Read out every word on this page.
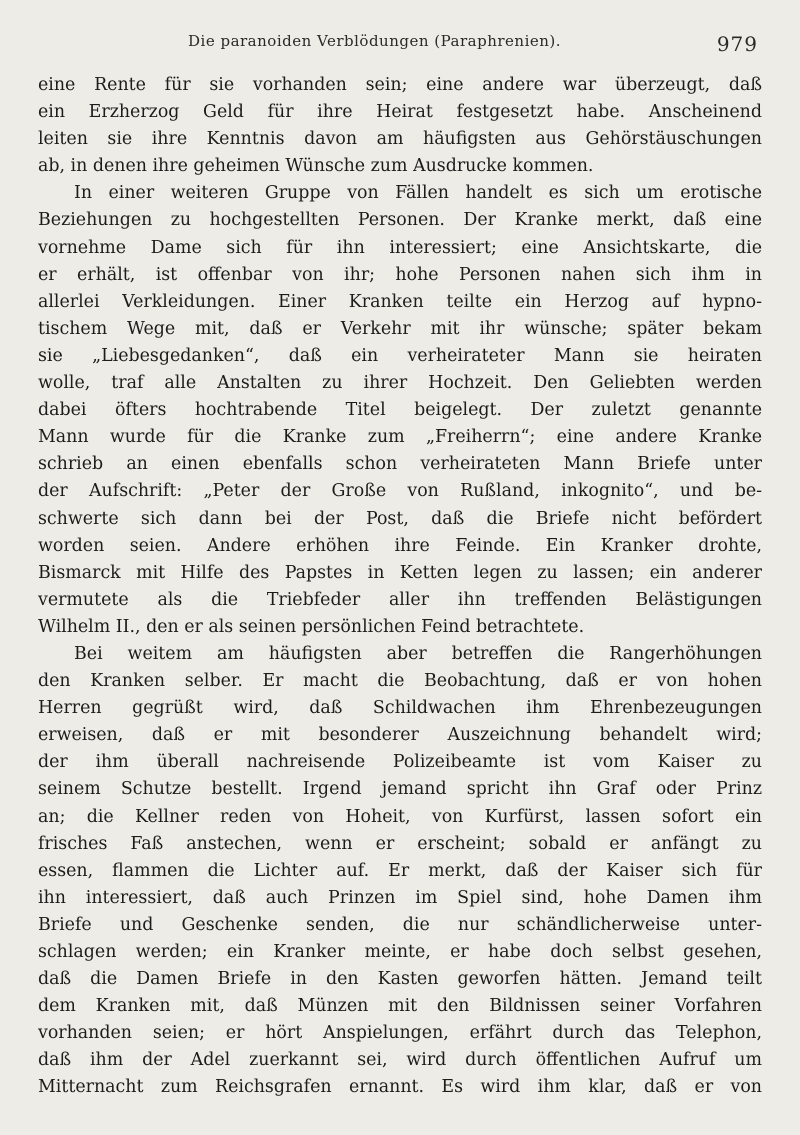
Die paranoiden Verblödungen (Paraphrenien).	979
eine Rente für sie vorhanden sein; eine andere war überzeugt, daß
ein Erzherzog Geld für ihre Heirat festgesetzt habe. Anscheinend
leiten sie ihre Kenntnis davon am häufigsten aus Gehörstäuschungen
ab, in denen ihre geheimen Wünsche zum Ausdrucke kommen.
In einer weiteren Gruppe von Fällen handelt es sich um erotische
Beziehungen zu hochgestellten Personen. Der Kranke merkt, daß eine
vornehme Dame sich für ihn interessiert; eine Ansichtskarte, die
er erhält, ist offenbar von ihr; hohe Personen nahen sich ihm in
allerlei Verkleidungen. Einer Kranken teilte ein Herzog auf hypno-
tischem Wege mit, daß er Verkehr mit ihr wünsche; später bekam
sie „Liebesgedanken“, daß ein verheirateter Mann sie heiraten
wolle, traf alle Anstalten zu ihrer Hochzeit. Den Geliebten werden
dabei öfters hochtrabende Titel beigelegt. Der zuletzt genannte
Mann wurde für die Kranke zum „Freiherrn“; eine andere Kranke
schrieb an einen ebenfalls schon verheirateten Mann Briefe unter
der Aufschrift: „Peter der Große von Rußland, inkognito“, und be-
schwerte sich dann bei der Post, daß die Briefe nicht befördert
worden seien. Andere erhöhen ihre Feinde. Ein Kranker drohte,
Bismarck mit Hilfe des Papstes in Ketten legen zu lassen; ein anderer
vermutete als die Triebfeder aller ihn treffenden Belästigungen
Wilhelm II., den er als seinen persönlichen Feind betrachtete.
Bei weitem am häufigsten aber betreffen die Rangerhöhungen
den Kranken selber. Er macht die Beobachtung, daß er von hohen
Herren gegrüßt wird, daß Schildwachen ihm Ehrenbezeugungen
erweisen, daß er mit besonderer Auszeichnung behandelt wird;
der ihm überall nachreisende Polizeibeamte ist vom Kaiser zu
seinem Schutze bestellt. Irgend jemand spricht ihn Graf oder Prinz
an; die Kellner reden von Hoheit, von Kurfürst, lassen sofort ein
frisches Faß anstechen, wenn er erscheint; sobald er anfängt zu
essen, flammen die Lichter auf. Er merkt, daß der Kaiser sich für
ihn interessiert, daß auch Prinzen im Spiel sind, hohe Damen ihm
Briefe und Geschenke senden, die nur schändlicherweise unter-
schlagen werden; ein Kranker meinte, er habe doch selbst gesehen,
daß die Damen Briefe in den Kasten geworfen hätten. Jemand teilt
dem Kranken mit, daß Münzen mit den Bildnissen seiner Vorfahren
vorhanden seien; er hört Anspielungen, erfährt durch das Telephon,
daß ihm der Adel zuerkannt sei, wird durch öffentlichen Aufruf um
Mitternacht zum Reichsgrafen ernannt. Es wird ihm klar, daß er von
